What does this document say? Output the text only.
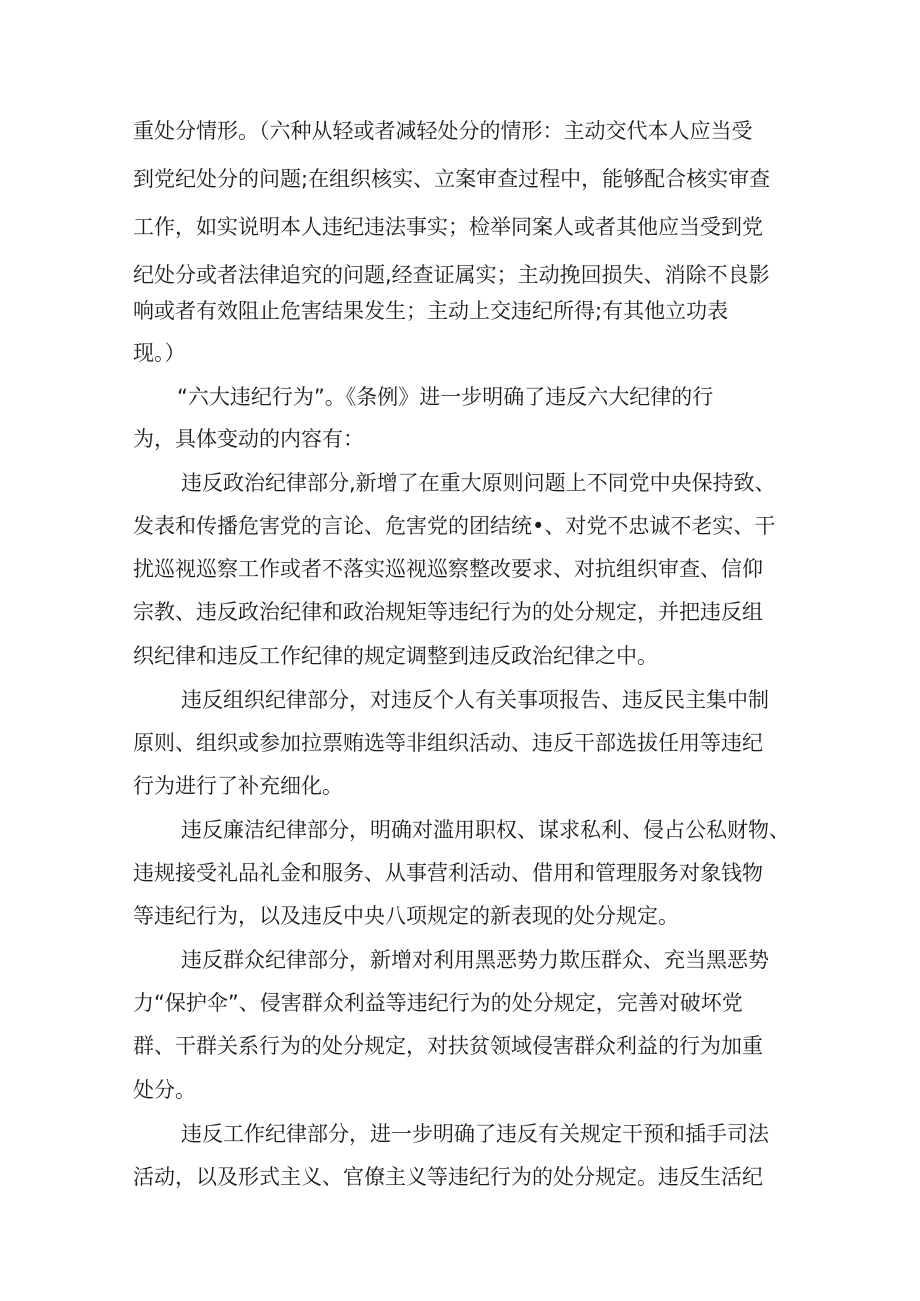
重处分情形。（六种从轻或者减轻处分的情形：主动交代本人应当受
到党纪处分的问题;在组织核实、立案审查过程中，能够配合核实审查
工作，如实说明本人违纪违法事实；检举同案人或者其他应当受到党
纪处分或者法律追究的问题,经查证属实；主动挽回损失、消除不良影
响或者有效阻止危害结果发生；主动上交违纪所得;有其他立功表
现。）
“六大违纪行为”。《条例》进一步明确了违反六大纪律的行
为，具体变动的内容有：
违反政治纪律部分,新增了在重大原则问题上不同党中央保持致、
发表和传播危害党的言论、危害党的团结统•、对党不忠诚不老实、干
扰巡视巡察工作或者不落实巡视巡察整改要求、对抗组织审查、信仰
宗教、违反政治纪律和政治规矩等违纪行为的处分规定，并把违反组
织纪律和违反工作纪律的规定调整到违反政治纪律之中。
违反组织纪律部分，对违反个人有关事项报告、违反民主集中制
原则、组织或参加拉票贿选等非组织活动、违反干部选拔任用等违纪
行为进行了补充细化。
违反廉洁纪律部分，明确对滥用职权、谋求私利、侵占公私财物、
违规接受礼品礼金和服务、从事营利活动、借用和管理服务对象钱物
等违纪行为，以及违反中央八项规定的新表现的处分规定。
违反群众纪律部分，新增对利用黑恶势力欺压群众、充当黑恶势
力“保护伞”、侵害群众利益等违纪行为的处分规定，完善对破坏党
群、干群关系行为的处分规定，对扶贫领域侵害群众利益的行为加重
处分。
违反工作纪律部分，进一步明确了违反有关规定干预和插手司法
活动，以及形式主义、官僚主义等违纪行为的处分规定。违反生活纪
